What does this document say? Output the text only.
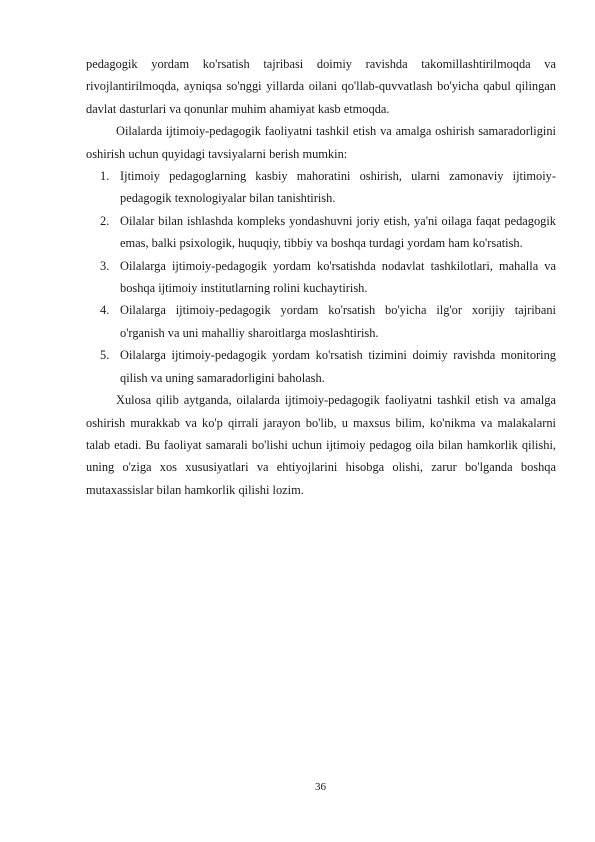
pedagogik yordam ko'rsatish tajribasi doimiy ravishda takomillashtirilmoqda va rivojlantirilmoqda, ayniqsa so'nggi yillarda oilani qo'llab-quvvatlash bo'yicha qabul qilingan davlat dasturlari va qonunlar muhim ahamiyat kasb etmoqda.

Oilalarda ijtimoiy-pedagogik faoliyatni tashkil etish va amalga oshirish samaradorligini oshirish uchun quyidagi tavsiyalarni berish mumkin:

1. Ijtimoiy pedagoglarning kasbiy mahoratini oshirish, ularni zamonaviy ijtimoiy-pedagogik texnologiyalar bilan tanishtirish.
2. Oilalar bilan ishlashda kompleks yondashuvni joriy etish, ya'ni oilaga faqat pedagogik emas, balki psixologik, huquqiy, tibbiy va boshqa turdagi yordam ham ko'rsatish.
3. Oilalarga ijtimoiy-pedagogik yordam ko'rsatishda nodavlat tashkilotlari, mahalla va boshqa ijtimoiy institutlarning rolini kuchaytirish.
4. Oilalarga ijtimoiy-pedagogik yordam ko'rsatish bo'yicha ilg'or xorijiy tajribani o'rganish va uni mahalliy sharoitlarga moslashtirish.
5. Oilalarga ijtimoiy-pedagogik yordam ko'rsatish tizimini doimiy ravishda monitoring qilish va uning samaradorligini baholash.

Xulosa qilib aytganda, oilalarda ijtimoiy-pedagogik faoliyatni tashkil etish va amalga oshirish murakkab va ko'p qirrali jarayon bo'lib, u maxsus bilim, ko'nikma va malakalarni talab etadi. Bu faoliyat samarali bo'lishi uchun ijtimoiy pedagog oila bilan hamkorlik qilishi, uning o'ziga xos xususiyatlari va ehtiyojlarini hisobga olishi, zarur bo'lganda boshqa mutaxassislar bilan hamkorlik qilishi lozim.

36
